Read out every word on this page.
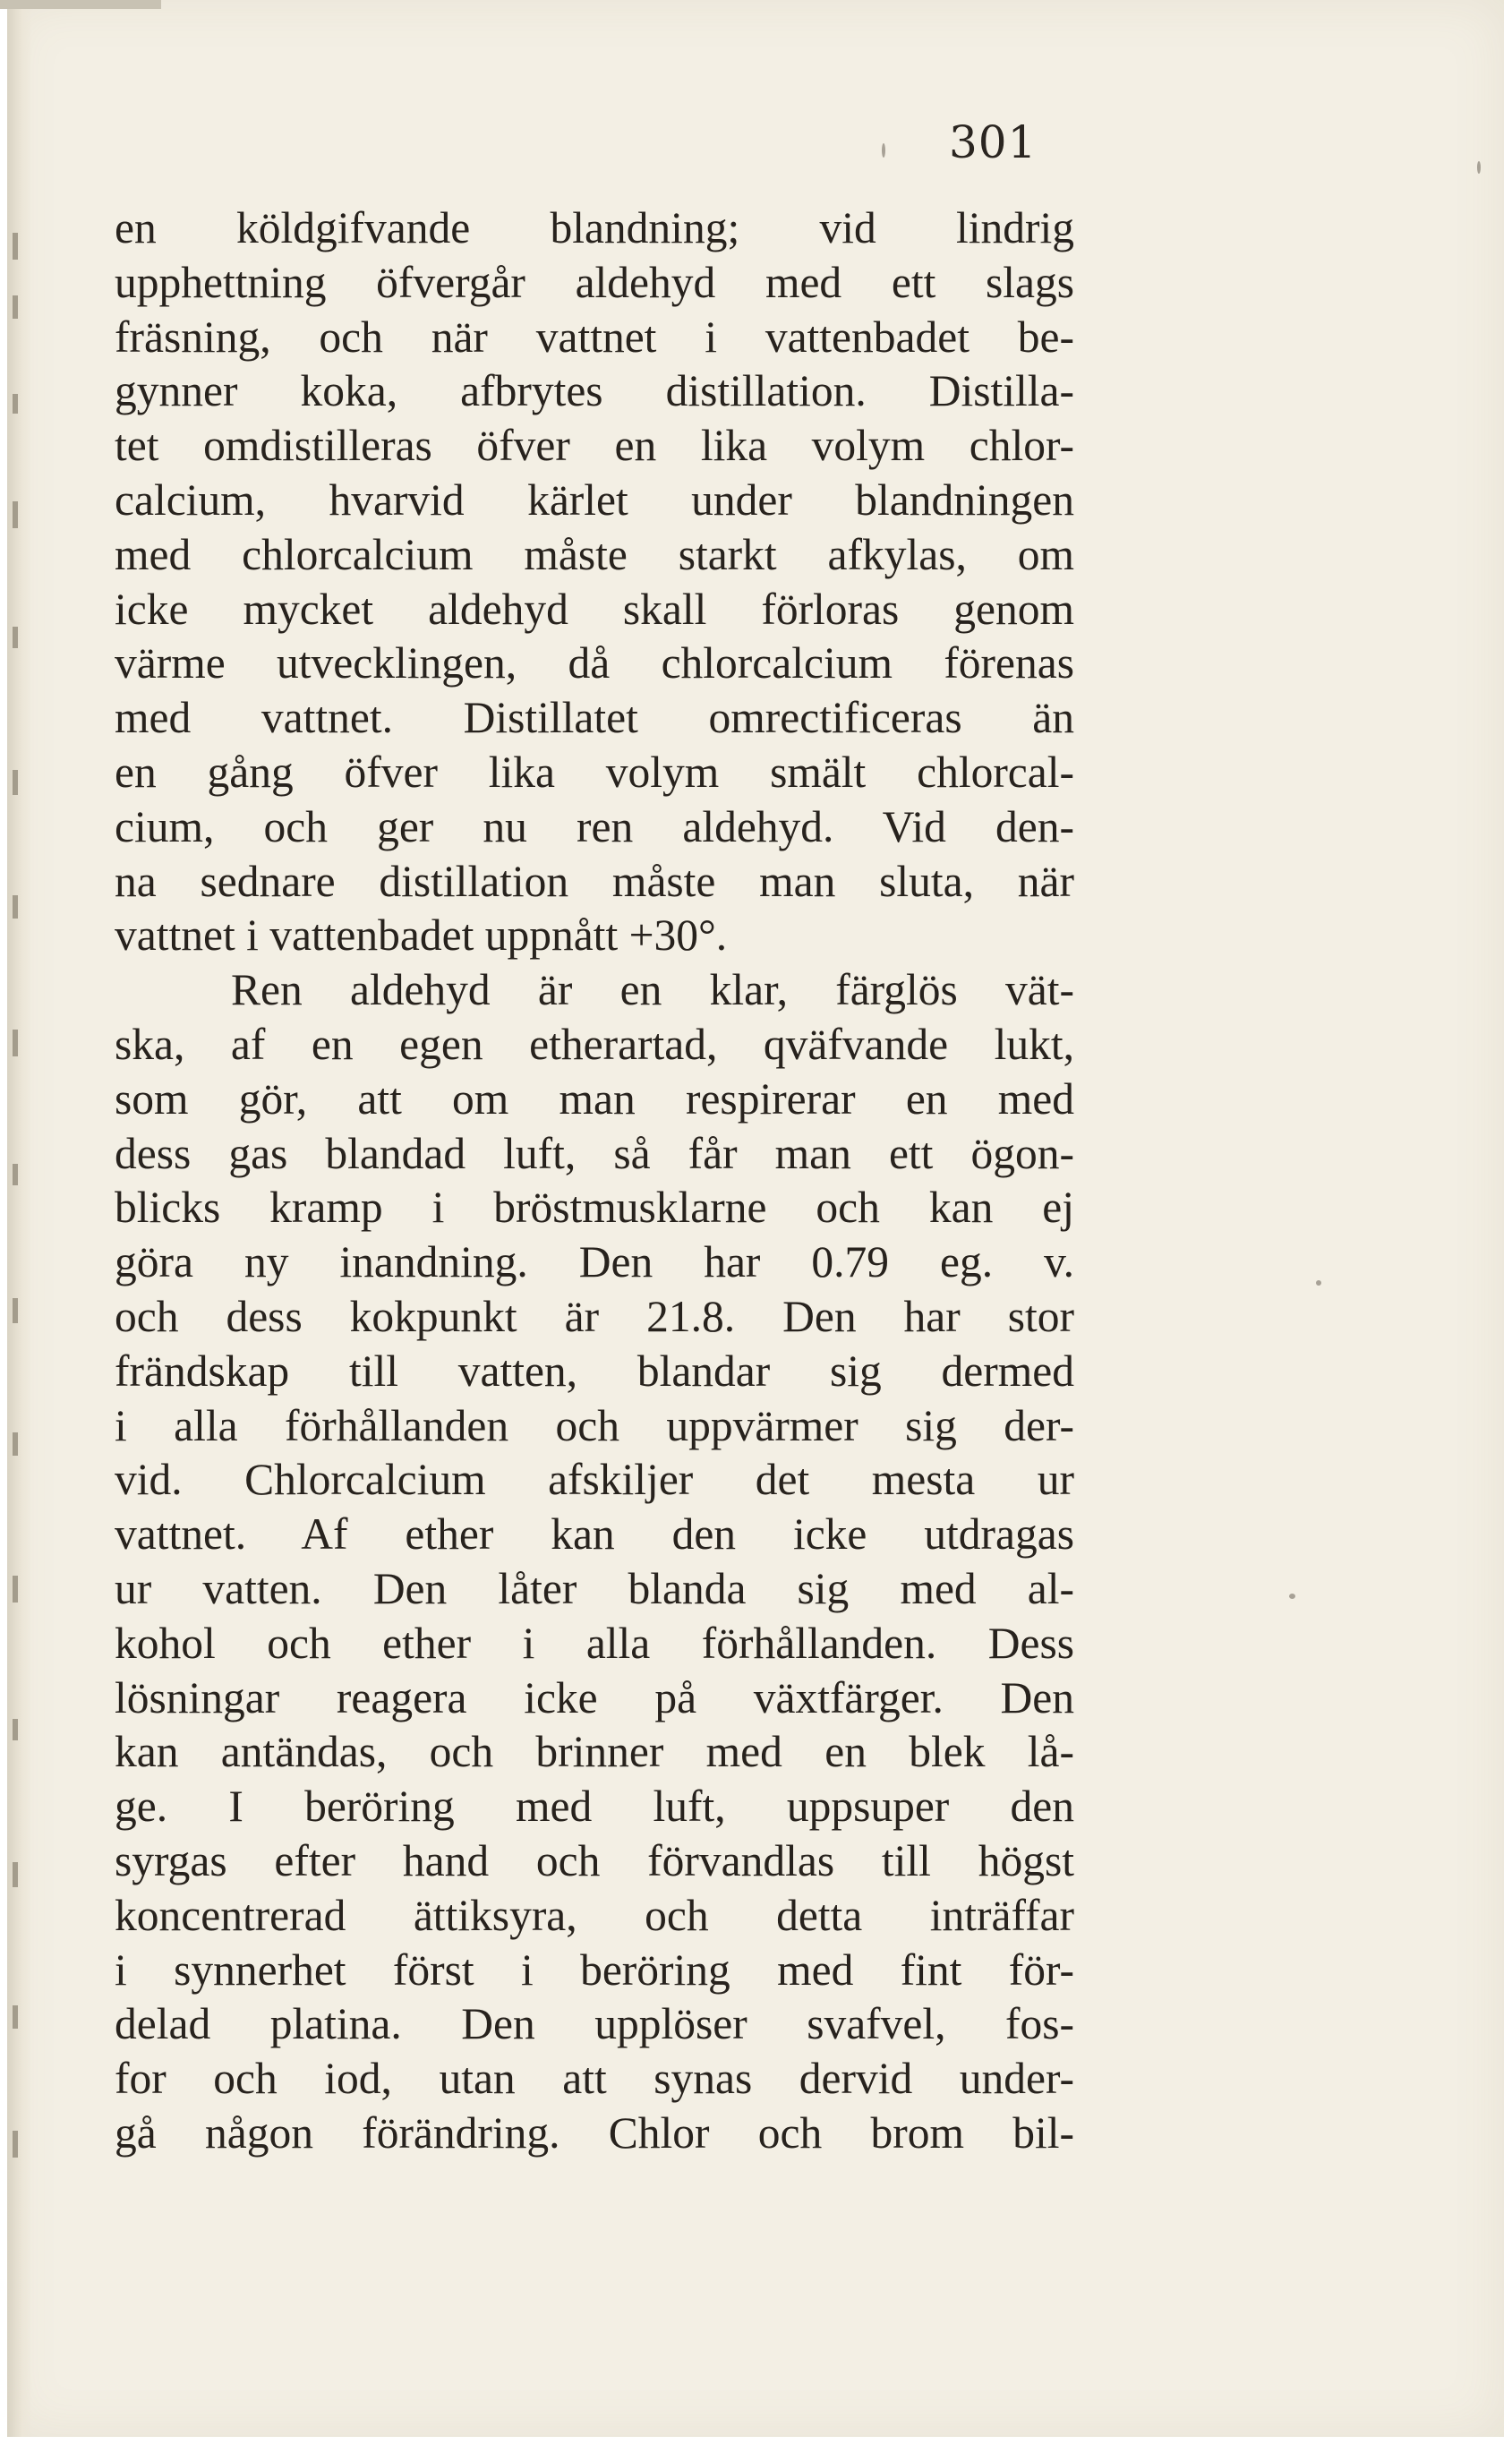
301
en köldgifvande blandning; vid lindrig
upphettning öfvergår aldehyd med ett slags
fräsning, och när vattnet i vattenbadet be-
gynner koka, afbrytes distillation. Distilla-
tet omdistilleras öfver en lika volym chlor-
calcium, hvarvid kärlet under blandningen
med chlorcalcium måste starkt afkylas, om
icke mycket aldehyd skall förloras genom
värme utvecklingen, då chlorcalcium förenas
med vattnet. Distillatet omrectificeras än
en gång öfver lika volym smält chlorcal-
cium, och ger nu ren aldehyd. Vid den-
na sednare distillation måste man sluta, när
vattnet i vattenbadet uppnått +30°.
Ren aldehyd är en klar, färglös vät-
ska, af en egen etherartad, qväfvande lukt,
som gör, att om man respirerar en med
dess gas blandad luft, så får man ett ögon-
blicks kramp i bröstmusklarne och kan ej
göra ny inandning. Den har 0.79 eg. v.
och dess kokpunkt är 21.8. Den har stor
frändskap till vatten, blandar sig dermed
i alla förhållanden och uppvärmer sig der-
vid. Chlorcalcium afskiljer det mesta ur
vattnet. Af ether kan den icke utdragas
ur vatten. Den låter blanda sig med al-
kohol och ether i alla förhållanden. Dess
lösningar reagera icke på växtfärger. Den
kan antändas, och brinner med en blek lå-
ge. I beröring med luft, uppsuper den
syrgas efter hand och förvandlas till högst
koncentrerad ättiksyra, och detta inträffar
i synnerhet först i beröring med fint för-
delad platina. Den upplöser svafvel, fos-
for och iod, utan att synas dervid under-
gå någon förändring. Chlor och brom bil-
